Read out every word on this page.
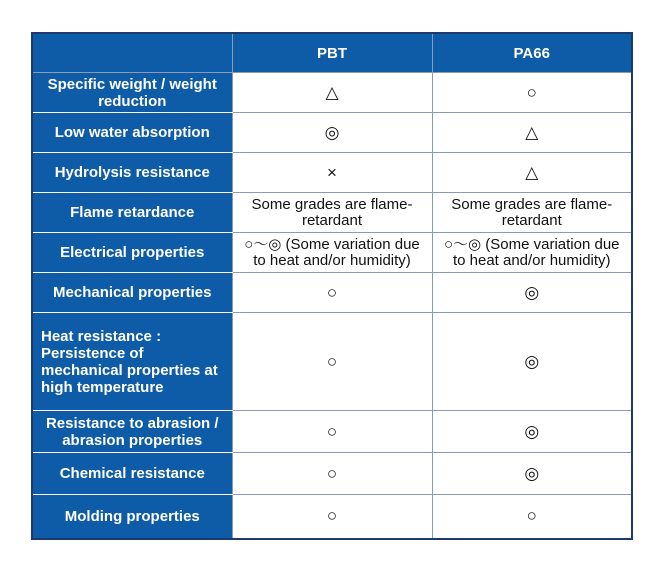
	PBT	PA66
Specific weight / weight reduction	△	○
Low water absorption	◎	△
Hydrolysis resistance	×	△
Flame retardance	Some grades are flame-retardant	Some grades are flame-retardant
Electrical properties	○〜◎ (Some variation due to heat and/or humidity)	○〜◎ (Some variation due to heat and/or humidity)
Mechanical properties	○	◎
Heat resistance : Persistence of mechanical properties at high temperature	○	◎
Resistance to abrasion / abrasion properties	○	◎
Chemical resistance	○	◎
Molding properties	○	○
